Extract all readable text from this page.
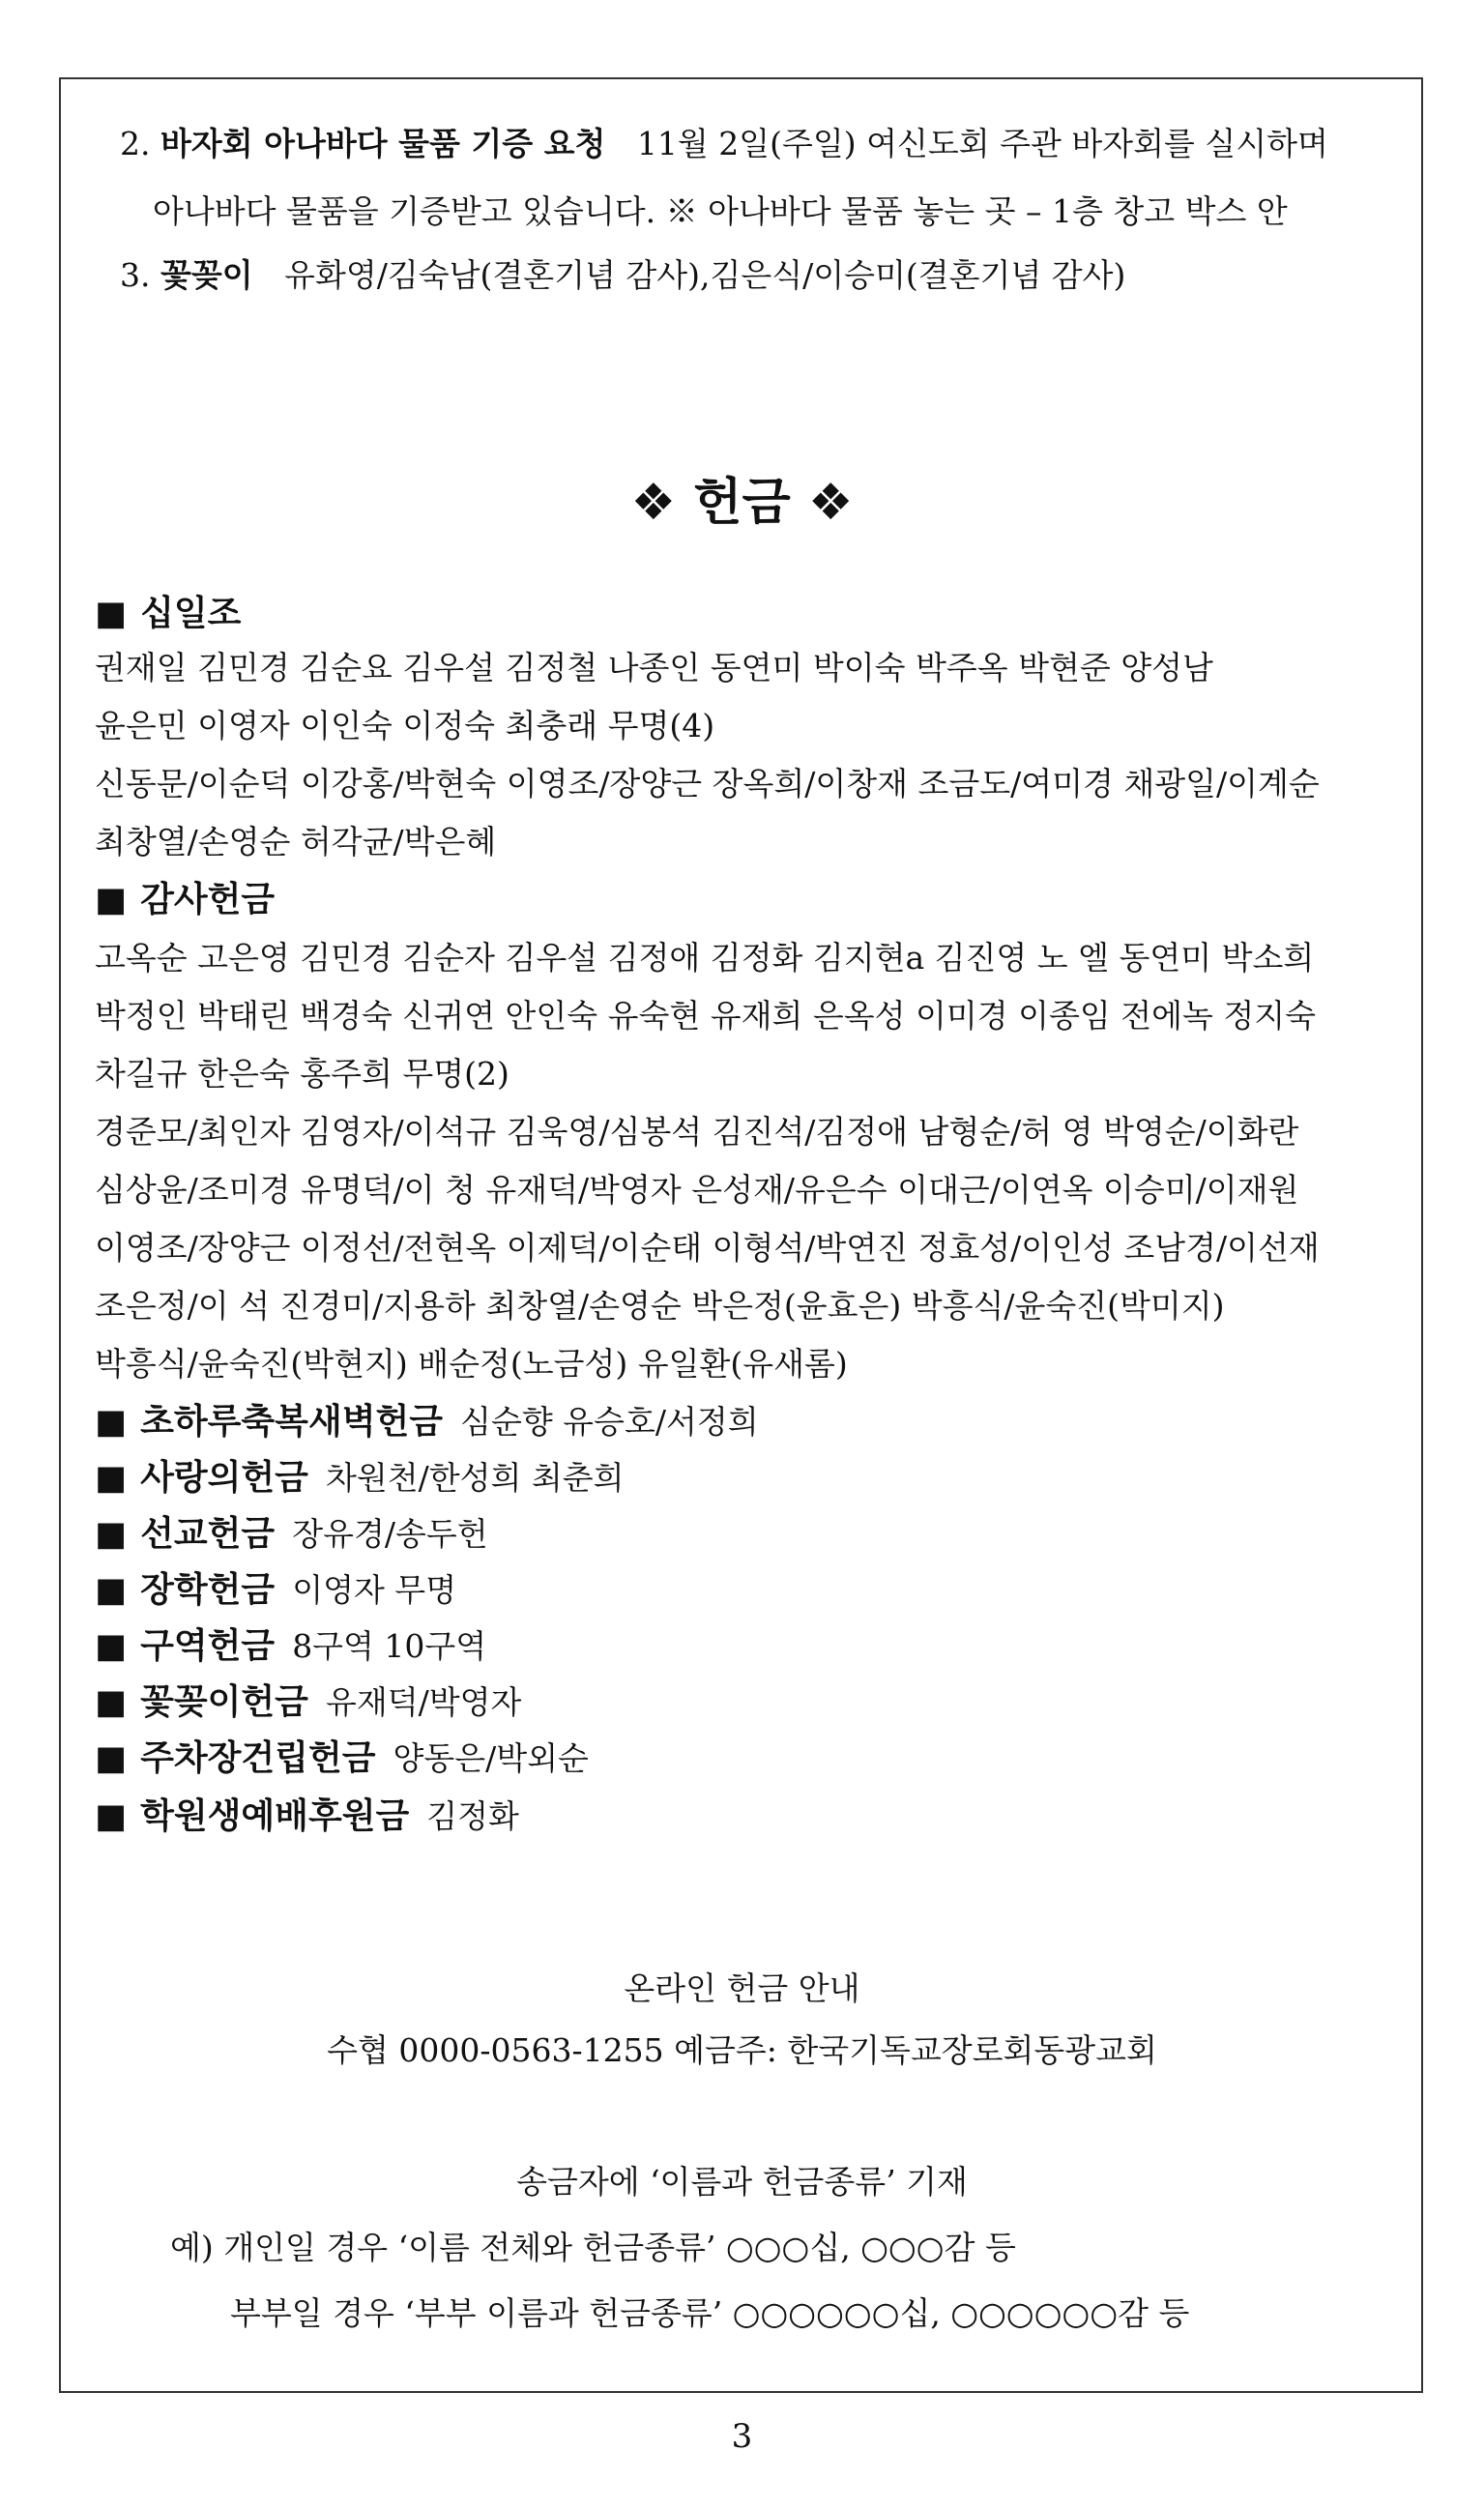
2. 바자회 아나바다 물품 기증 요청 11월 2일(주일) 여신도회 주관 바자회를 실시하며
아나바다 물품을 기증받고 있습니다. ※ 아나바다 물품 놓는 곳 – 1층 창고 박스 안
3. 꽃꽂이 유화영/김숙남(결혼기념 감사),김은식/이승미(결혼기념 감사)
❖ 헌금 ❖
■ 십일조
권재일 김민경 김순요 김우설 김정철 나종인 동연미 박이숙 박주옥 박현준 양성남
윤은민 이영자 이인숙 이정숙 최충래 무명(4)
신동문/이순덕 이강홍/박현숙 이영조/장양근 장옥희/이창재 조금도/여미경 채광일/이계순
최창열/손영순 허각균/박은혜
■ 감사헌금
고옥순 고은영 김민경 김순자 김우설 김정애 김정화 김지현a 김진영 노 엘 동연미 박소희
박정인 박태린 백경숙 신귀연 안인숙 유숙현 유재희 은옥성 이미경 이종임 전에녹 정지숙
차길규 한은숙 홍주희 무명(2)
경준모/최인자 김영자/이석규 김욱영/심봉석 김진석/김정애 남형순/허 영 박영순/이화란
심상윤/조미경 유명덕/이 청 유재덕/박영자 은성재/유은수 이대근/이연옥 이승미/이재원
이영조/장양근 이정선/전현옥 이제덕/이순태 이형석/박연진 정효성/이인성 조남경/이선재
조은정/이 석 진경미/지용하 최창열/손영순 박은정(윤효은) 박흥식/윤숙진(박미지)
박흥식/윤숙진(박현지) 배순정(노금성) 유일환(유새롬)
■ 초하루축복새벽헌금 심순향 유승호/서정희
■ 사랑의헌금 차원천/한성희 최춘희
■ 선교헌금 장유경/송두헌
■ 장학헌금 이영자 무명
■ 구역헌금 8구역 10구역
■ 꽃꽂이헌금 유재덕/박영자
■ 주차장건립헌금 양동은/박외순
■ 학원생예배후원금 김정화
온라인 헌금 안내
수협 0000-0563-1255 예금주: 한국기독교장로회동광교회
송금자에 ‘이름과 헌금종류’ 기재
예) 개인일 경우 ‘이름 전체와 헌금종류’ ○○○십, ○○○감 등
부부일 경우 ‘부부 이름과 헌금종류’ ○○○○○○십, ○○○○○○감 등
3
